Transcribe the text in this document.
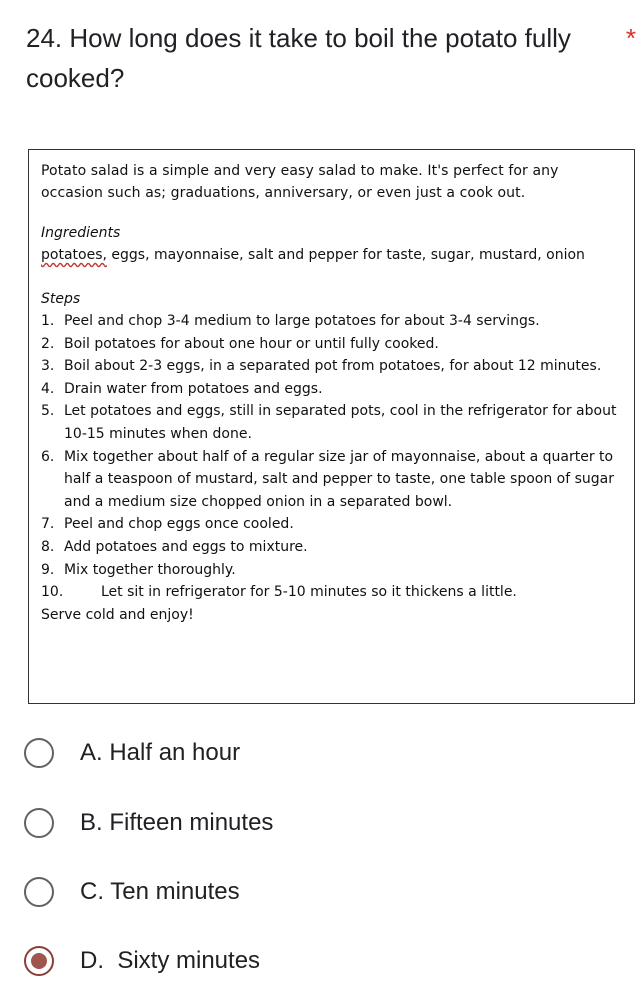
24. How long does it take to boil the potato fully cooked?
*

Potato salad is a simple and very easy salad to make. It's perfect for any occasion such as; graduations, anniversary, or even just a cook out.

Ingredients

potatoes, eggs, mayonnaise, salt and pepper for taste, sugar, mustard, onion

Steps

1. Peel and chop 3-4 medium to large potatoes for about 3-4 servings.
2. Boil potatoes for about one hour or until fully cooked.
3. Boil about 2-3 eggs, in a separated pot from potatoes, for about 12 minutes.
4. Drain water from potatoes and eggs.
5. Let potatoes and eggs, still in separated pots, cool in the refrigerator for about 10-15 minutes when done.
6. Mix together about half of a regular size jar of mayonnaise, about a quarter to half a teaspoon of mustard, salt and pepper to taste, one table spoon of sugar and a medium size chopped onion in a separated bowl.
7. Peel and chop eggs once cooled.
8. Add potatoes and eggs to mixture.
9. Mix together thoroughly.
10.	Let sit in refrigerator for 5-10 minutes so it thickens a little.

Serve cold and enjoy!

A. Half an hour
B. Fifteen minutes
C. Ten minutes
D.  Sixty minutes
